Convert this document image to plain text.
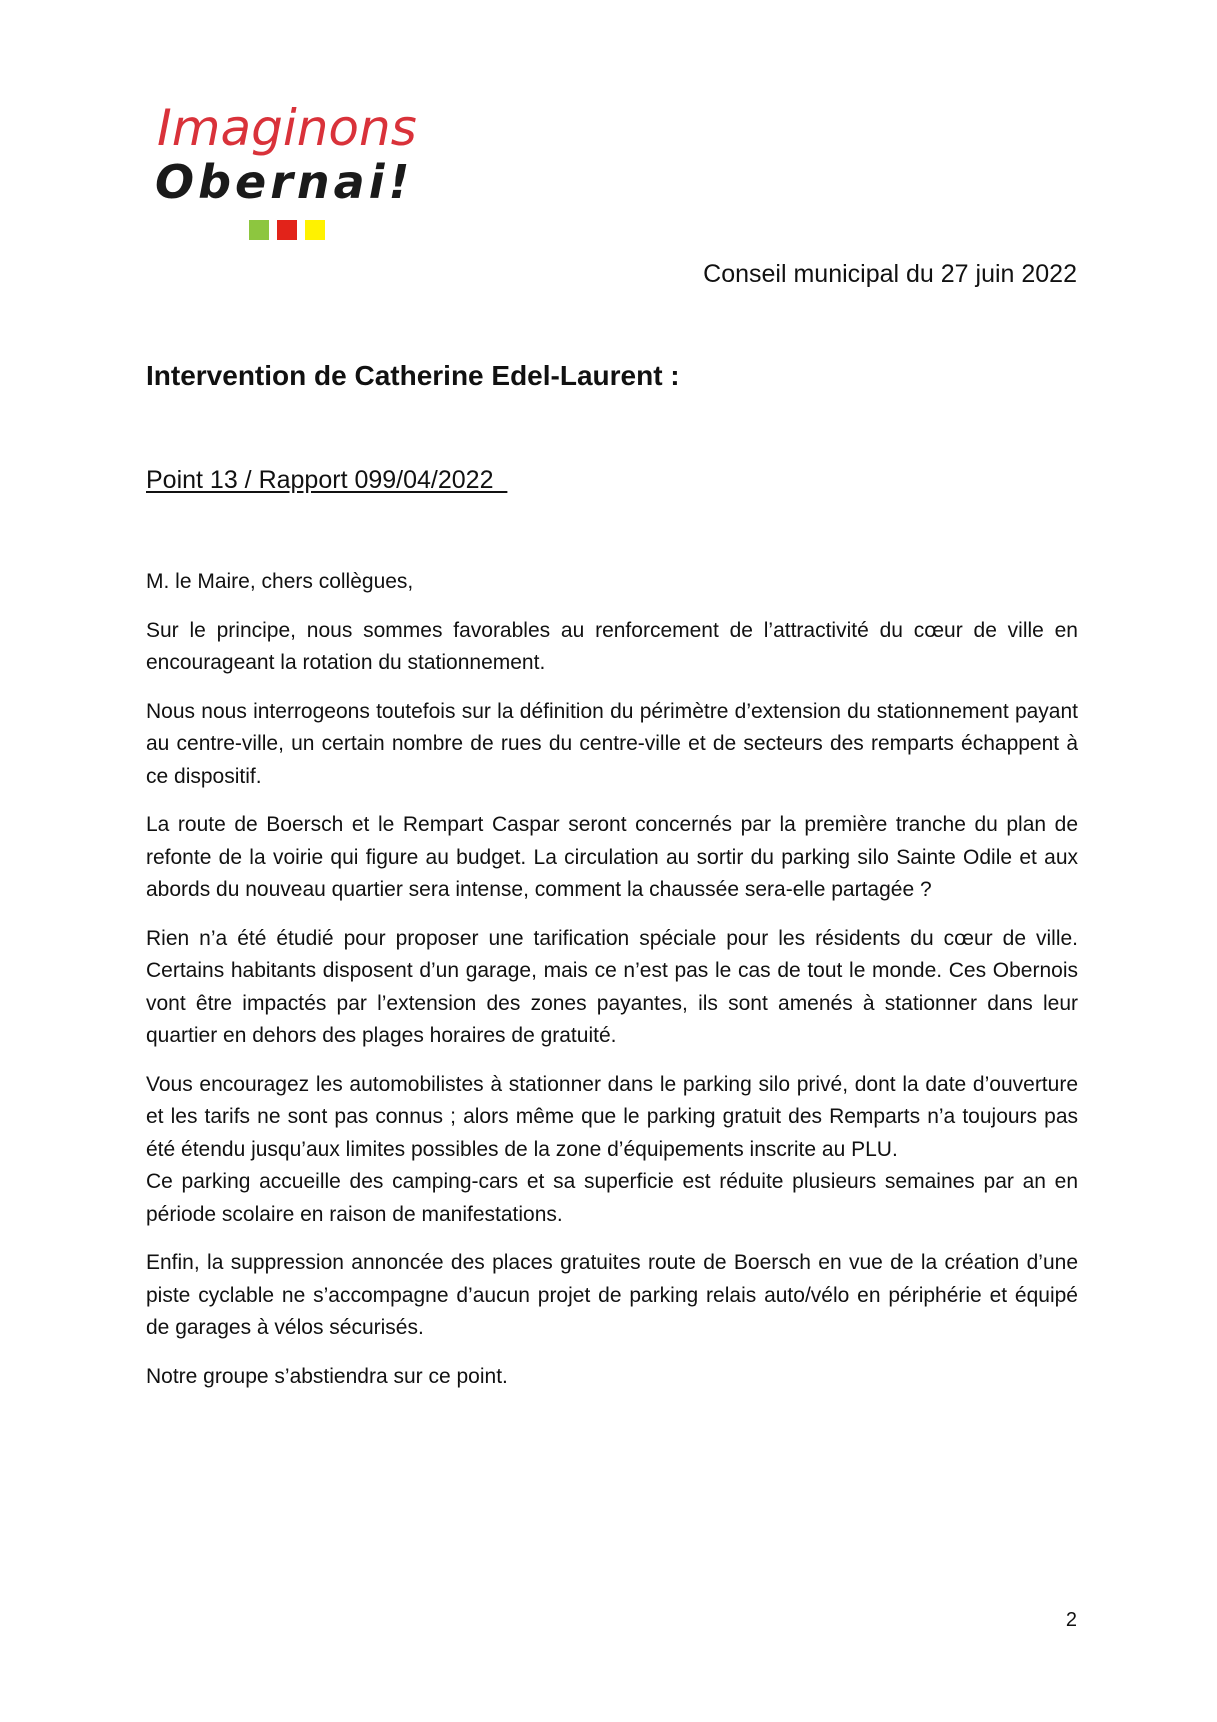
Imaginons
Obernai!
Conseil municipal du 27 juin 2022
Intervention de Catherine Edel-Laurent :
Point 13 / Rapport 099/04/2022

M. le Maire, chers collègues,

Sur le principe, nous sommes favorables au renforcement de l’attractivité du cœur de ville en encourageant la rotation du stationnement.

Nous nous interrogeons toutefois sur la définition du périmètre d’extension du stationnement payant au centre-ville, un certain nombre de rues du centre-ville et de secteurs des remparts échappent à ce dispositif.

La route de Boersch et le Rempart Caspar seront concernés par la première tranche du plan de refonte de la voirie qui figure au budget. La circulation au sortir du parking silo Sainte Odile et aux abords du nouveau quartier sera intense, comment la chaussée sera-elle partagée ?

Rien n’a été étudié pour proposer une tarification spéciale pour les résidents du cœur de ville. Certains habitants disposent d’un garage, mais ce n’est pas le cas de tout le monde. Ces Obernois vont être impactés par l’extension des zones payantes, ils sont amenés à stationner dans leur quartier en dehors des plages horaires de gratuité.

Vous encouragez les automobilistes à stationner dans le parking silo privé, dont la date d’ouverture et les tarifs ne sont pas connus ; alors même que le parking gratuit des Remparts n’a toujours pas été étendu jusqu’aux limites possibles de la zone d’équipements inscrite au PLU.

Ce parking accueille des camping-cars et sa superficie est réduite plusieurs semaines par an en période scolaire en raison de manifestations.

Enfin, la suppression annoncée des places gratuites route de Boersch en vue de la création d’une piste cyclable ne s’accompagne d’aucun projet de parking relais auto/vélo en périphérie et équipé de garages à vélos sécurisés.

Notre groupe s’abstiendra sur ce point.

2
